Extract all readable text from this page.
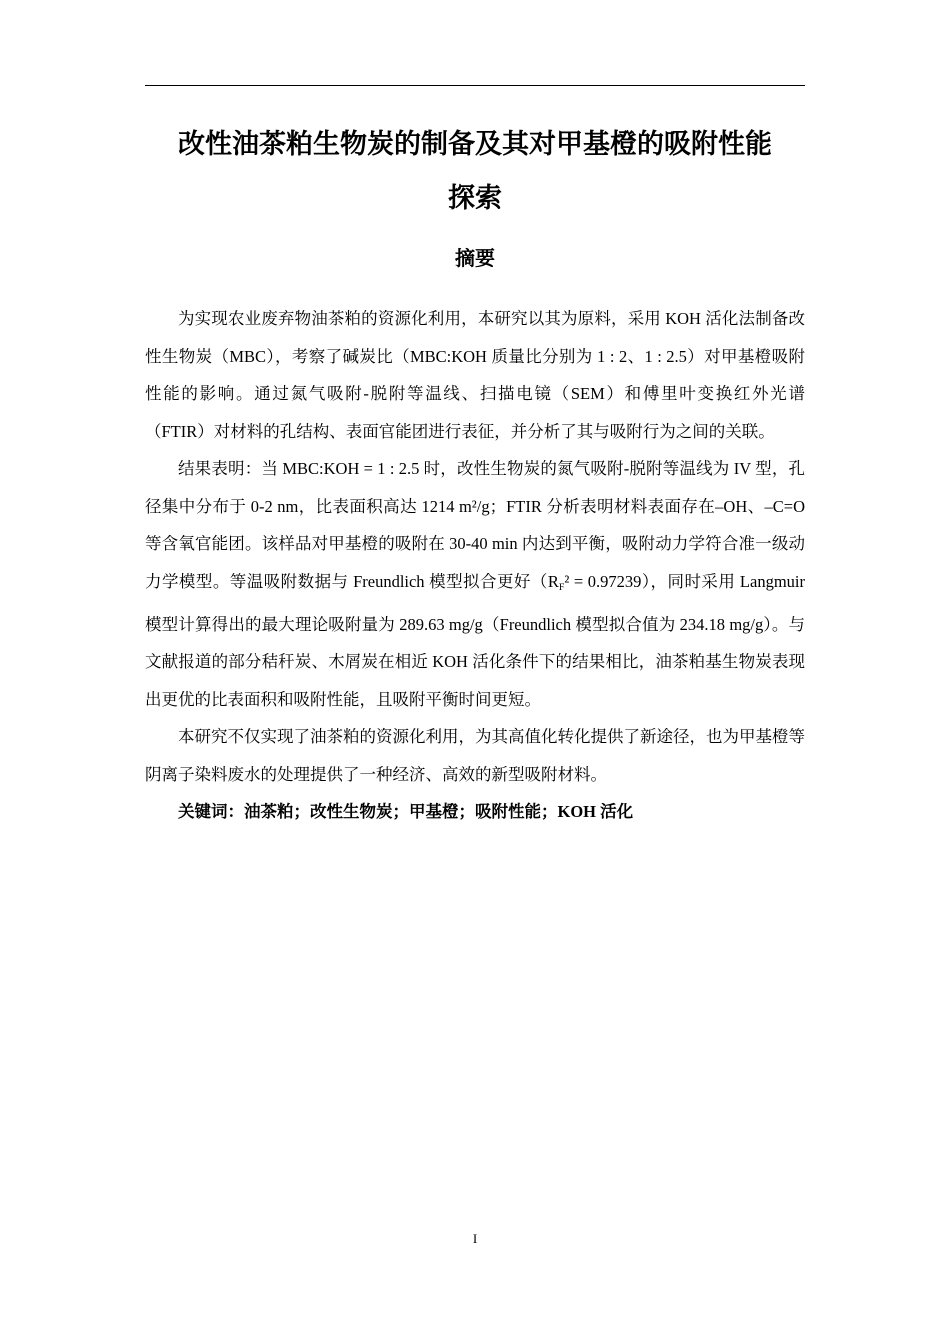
改性油茶粕生物炭的制备及其对甲基橙的吸附性能
探索
摘要

为实现农业废弃物油茶粕的资源化利用，本研究以其为原料，采用 KOH 活化法制备改性生物炭（MBC），考察了碱炭比（MBC:KOH 质量比分别为 1 : 2、1 : 2.5）对甲基橙吸附性能的影响。通过氮气吸附-脱附等温线、扫描电镜（SEM）和傅里叶变换红外光谱（FTIR）对材料的孔结构、表面官能团进行表征，并分析了其与吸附行为之间的关联。

结果表明：当 MBC:KOH = 1 : 2.5 时，改性生物炭的氮气吸附-脱附等温线为 IV 型，孔径集中分布于 0-2 nm，比表面积高达 1214 m²/g；FTIR 分析表明材料表面存在–OH、–C=O 等含氧官能团。该样品对甲基橙的吸附在 30-40 min 内达到平衡，吸附动力学符合准一级动力学模型。等温吸附数据与 Freundlich 模型拟合更好$(R_F^2 = 0.97239)$，同时采用 Langmuir 模型计算得出的最大理论吸附量为 289.63 mg/g（Freundlich 模型拟合值为 234.18 mg/g）。与文献报道的部分秸秆炭、木屑炭在相近 KOH 活化条件下的结果相比，油茶粕基生物炭表现出更优的比表面积和吸附性能，且吸附平衡时间更短。

本研究不仅实现了油茶粕的资源化利用，为其高值化转化提供了新途径，也为甲基橙等阴离子染料废水的处理提供了一种经济、高效的新型吸附材料。

关键词：油茶粕；改性生物炭；甲基橙；吸附性能；KOH 活化

I
